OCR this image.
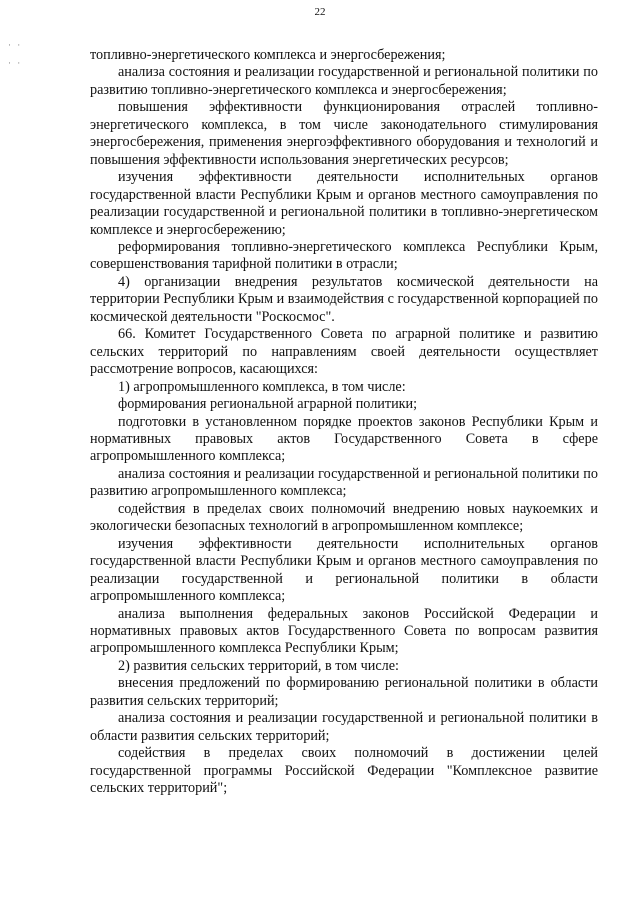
22
· ·
· ·	топливно-энергетического комплекса и энергосбережения;

анализа состояния и реализации государственной и региональной политики по развитию топливно-энергетического комплекса и энергосбережения;

повышения эффективности функционирования отраслей топливно-энергетического комплекса, в том числе законодательного стимулирования энергосбережения, применения энергоэффективного оборудования и технологий и повышения эффективности использования энергетических ресурсов;

изучения эффективности деятельности исполнительных органов государственной власти Республики Крым и органов местного самоуправления по реализации государственной и региональной политики в топливно-энергетическом комплексе и энергосбережению;

реформирования топливно-энергетического комплекса Республики Крым, совершенствования тарифной политики в отрасли;

4) организации внедрения результатов космической деятельности на территории Республики Крым и взаимодействия с государственной корпорацией по космической деятельности "Роскосмос".

66. Комитет Государственного Совета по аграрной политике и развитию сельских территорий по направлениям своей деятельности осуществляет рассмотрение вопросов, касающихся:

1) агропромышленного комплекса, в том числе:

формирования региональной аграрной политики;

подготовки в установленном порядке проектов законов Республики Крым и нормативных правовых актов Государственного Совета в сфере агропромышленного комплекса;

анализа состояния и реализации государственной и региональной политики по развитию агропромышленного комплекса;

содействия в пределах своих полномочий внедрению новых наукоемких и экологически безопасных технологий в агропромышленном комплексе;

изучения эффективности деятельности исполнительных органов государственной власти Республики Крым и органов местного самоуправления по реализации государственной и региональной политики в области агропромышленного комплекса;

анализа выполнения федеральных законов Российской Федерации и нормативных правовых актов Государственного Совета по вопросам развития агропромышленного комплекса Республики Крым;

2) развития сельских территорий, в том числе:

внесения предложений по формированию региональной политики в области развития сельских территорий;

анализа состояния и реализации государственной и региональной политики в области развития сельских территорий;

содействия в пределах своих полномочий в достижении целей государственной программы Российской Федерации "Комплексное развитие сельских территорий";
